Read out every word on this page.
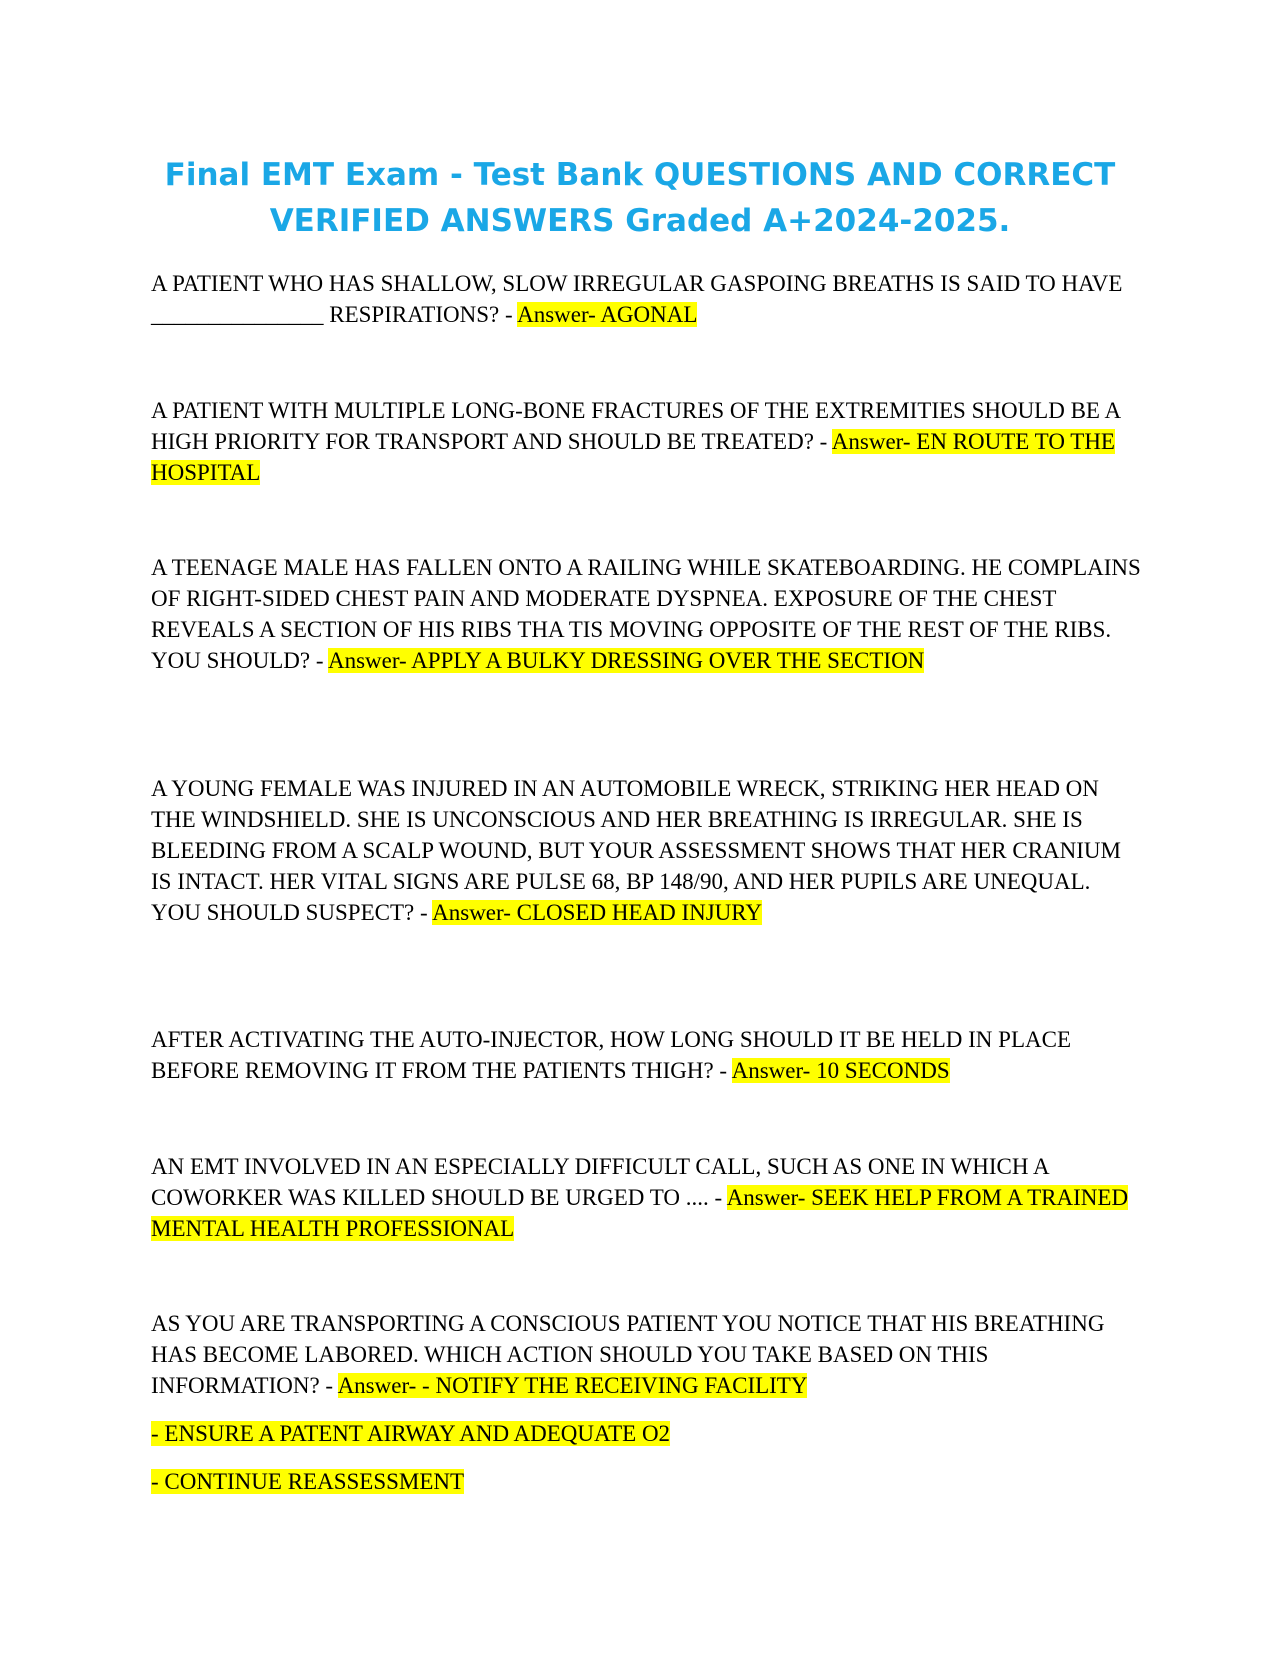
Final EMT Exam - Test Bank QUESTIONS AND CORRECT VERIFIED ANSWERS Graded A+2024-2025.

A PATIENT WHO HAS SHALLOW, SLOW IRREGULAR GASPOING BREATHS IS SAID TO HAVE _______________ RESPIRATIONS? - Answer- AGONAL

A PATIENT WITH MULTIPLE LONG-BONE FRACTURES OF THE EXTREMITIES SHOULD BE A HIGH PRIORITY FOR TRANSPORT AND SHOULD BE TREATED? - Answer- EN ROUTE TO THE HOSPITAL

A TEENAGE MALE HAS FALLEN ONTO A RAILING WHILE SKATEBOARDING. HE COMPLAINS OF RIGHT-SIDED CHEST PAIN AND MODERATE DYSPNEA. EXPOSURE OF THE CHEST REVEALS A SECTION OF HIS RIBS THA TIS MOVING OPPOSITE OF THE REST OF THE RIBS. YOU SHOULD? - Answer- APPLY A BULKY DRESSING OVER THE SECTION

A YOUNG FEMALE WAS INJURED IN AN AUTOMOBILE WRECK, STRIKING HER HEAD ON THE WINDSHIELD. SHE IS UNCONSCIOUS AND HER BREATHING IS IRREGULAR. SHE IS BLEEDING FROM A SCALP WOUND, BUT YOUR ASSESSMENT SHOWS THAT HER CRANIUM IS INTACT. HER VITAL SIGNS ARE PULSE 68, BP 148/90, AND HER PUPILS ARE UNEQUAL. YOU SHOULD SUSPECT? - Answer- CLOSED HEAD INJURY

AFTER ACTIVATING THE AUTO-INJECTOR, HOW LONG SHOULD IT BE HELD IN PLACE BEFORE REMOVING IT FROM THE PATIENTS THIGH? - Answer- 10 SECONDS

AN EMT INVOLVED IN AN ESPECIALLY DIFFICULT CALL, SUCH AS ONE IN WHICH A COWORKER WAS KILLED SHOULD BE URGED TO .... - Answer- SEEK HELP FROM A TRAINED MENTAL HEALTH PROFESSIONAL

AS YOU ARE TRANSPORTING A CONSCIOUS PATIENT YOU NOTICE THAT HIS BREATHING HAS BECOME LABORED. WHICH ACTION SHOULD YOU TAKE BASED ON THIS INFORMATION? - Answer- - NOTIFY THE RECEIVING FACILITY

- ENSURE A PATENT AIRWAY AND ADEQUATE O2

- CONTINUE REASSESSMENT
